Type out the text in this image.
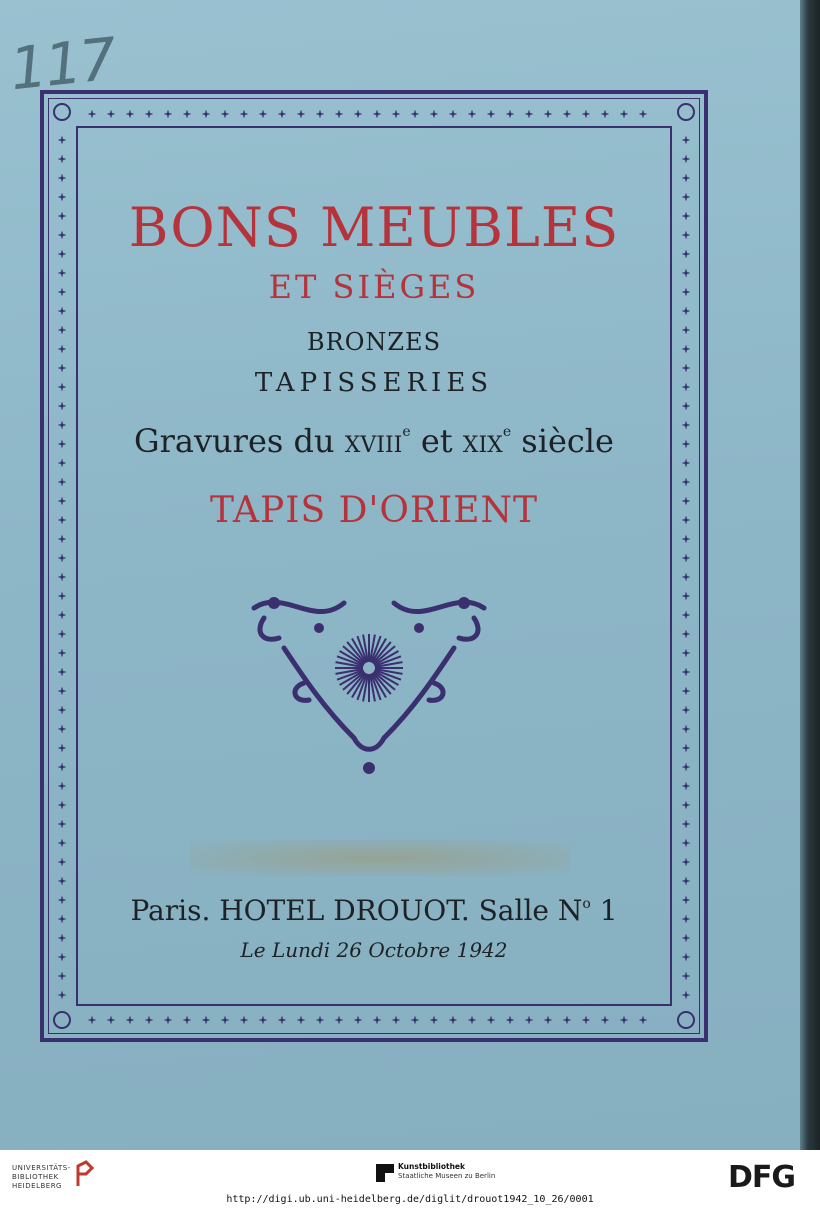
117
BONS MEUBLES
ET SIÈGES
BRONZES
TAPISSERIES
Gravures du XVIIIe et XIXe siècle
TAPIS D'ORIENT
Paris. HOTEL DROUOT. Salle $N^o$ 1
Le Lundi 26 Octobre 1942
UNIVERSITÄTS- BIBLIOTHEK HEIDELBERG
Kunstbibliothek
Staatliche Museen zu Berlin	DFG
http://digi.ub.uni-heidelberg.de/diglit/drouot1942_10_26/0001
